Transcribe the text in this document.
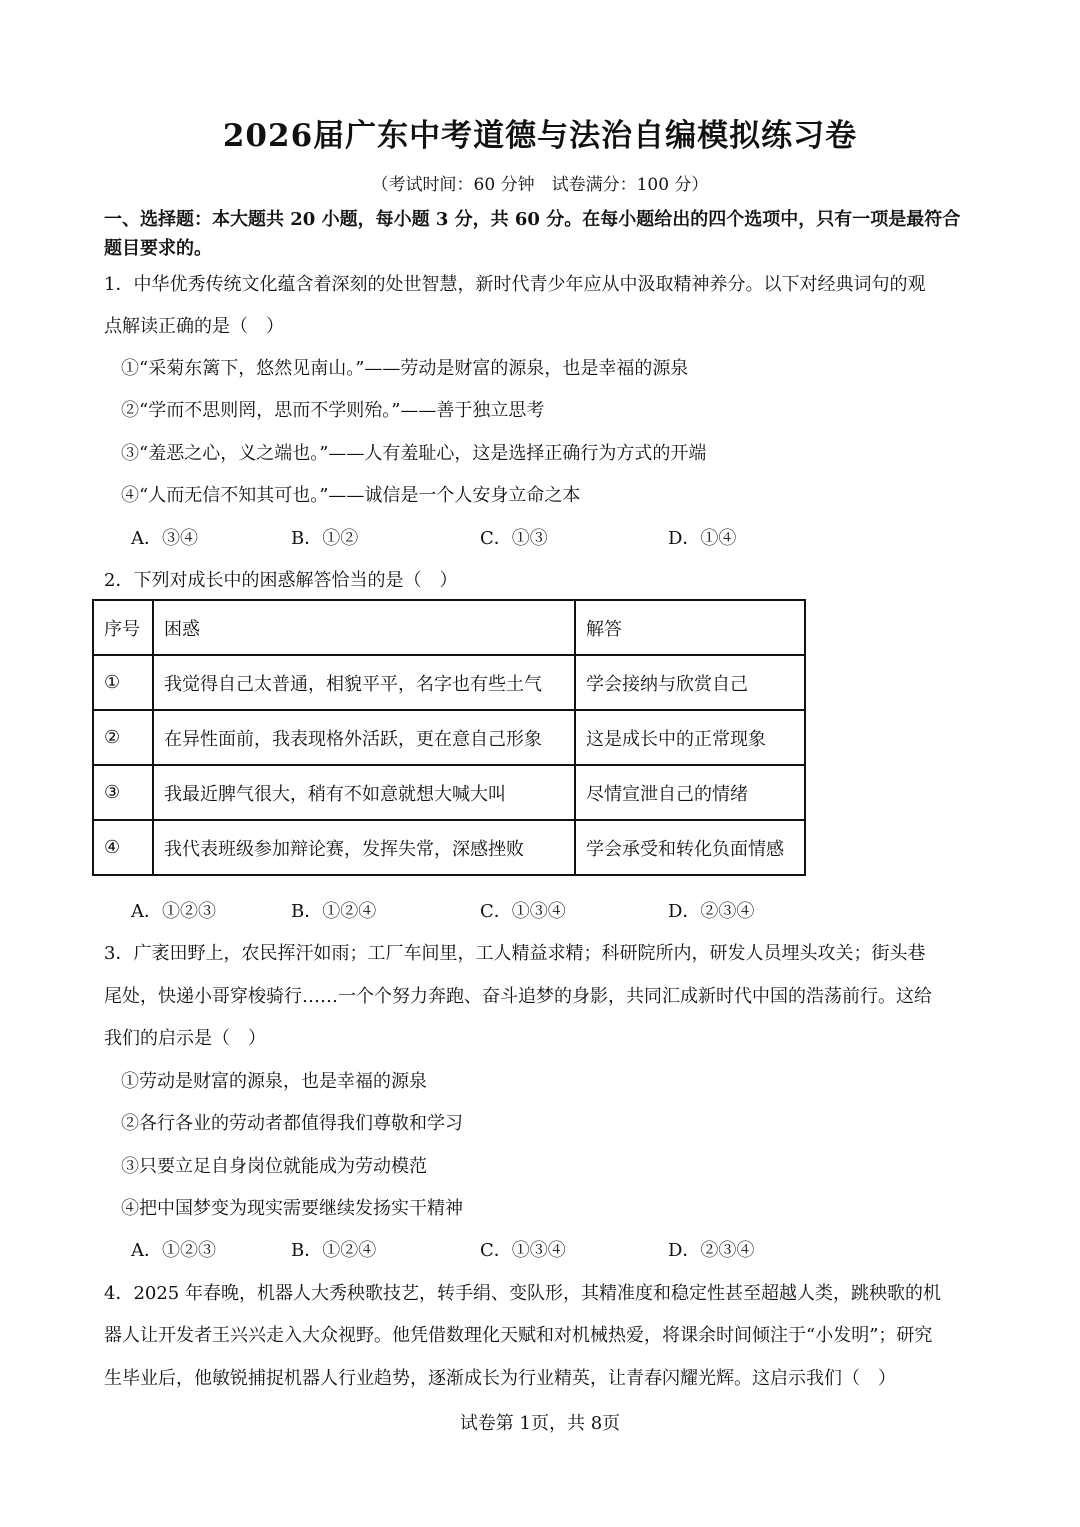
2026届广东中考道德与法治自编模拟练习卷
（考试时间：60 分钟　试卷满分：100 分）
一、选择题：本大题共 20 小题，每小题 3 分，共 60 分。在每小题给出的四个选项中，只有一项是最符合
题目要求的。
1．中华优秀传统文化蕴含着深刻的处世智慧，新时代青少年应从中汲取精神养分。以下对经典词句的观
点解读正确的是（　）
①“采菊东篱下，悠然见南山。”——劳动是财富的源泉，也是幸福的源泉
②“学而不思则罔，思而不学则殆。”——善于独立思考
③“羞恶之心，义之端也。”——人有羞耻心，这是选择正确行为方式的开端
④“人而无信不知其可也。”——诚信是一个人安身立命之本
A．③④	B．①②	C．①③	D．①④
2．下列对成长中的困惑解答恰当的是（　）
序号	困惑	解答
①	我觉得自己太普通，相貌平平，名字也有些土气	学会接纳与欣赏自己
②	在异性面前，我表现格外活跃，更在意自己形象	这是成长中的正常现象
③	我最近脾气很大，稍有不如意就想大喊大叫	尽情宣泄自己的情绪
④	我代表班级参加辩论赛，发挥失常，深感挫败	学会承受和转化负面情感
A．①②③	B．①②④	C．①③④	D．②③④
3．广袤田野上，农民挥汗如雨；工厂车间里，工人精益求精；科研院所内，研发人员埋头攻关；街头巷
尾处，快递小哥穿梭骑行……一个个努力奔跑、奋斗追梦的身影，共同汇成新时代中国的浩荡前行。这给
我们的启示是（　）
①劳动是财富的源泉，也是幸福的源泉
②各行各业的劳动者都值得我们尊敬和学习
③只要立足自身岗位就能成为劳动模范
④把中国梦变为现实需要继续发扬实干精神
A．①②③	B．①②④	C．①③④	D．②③④
4．2025 年春晚，机器人大秀秧歌技艺，转手绢、变队形，其精准度和稳定性甚至超越人类，跳秧歌的机
器人让开发者王兴兴走入大众视野。他凭借数理化天赋和对机械热爱，将课余时间倾注于“小发明”；研究
生毕业后，他敏锐捕捉机器人行业趋势，逐渐成长为行业精英，让青春闪耀光辉。这启示我们（　）
试卷第 1页，共 8页
